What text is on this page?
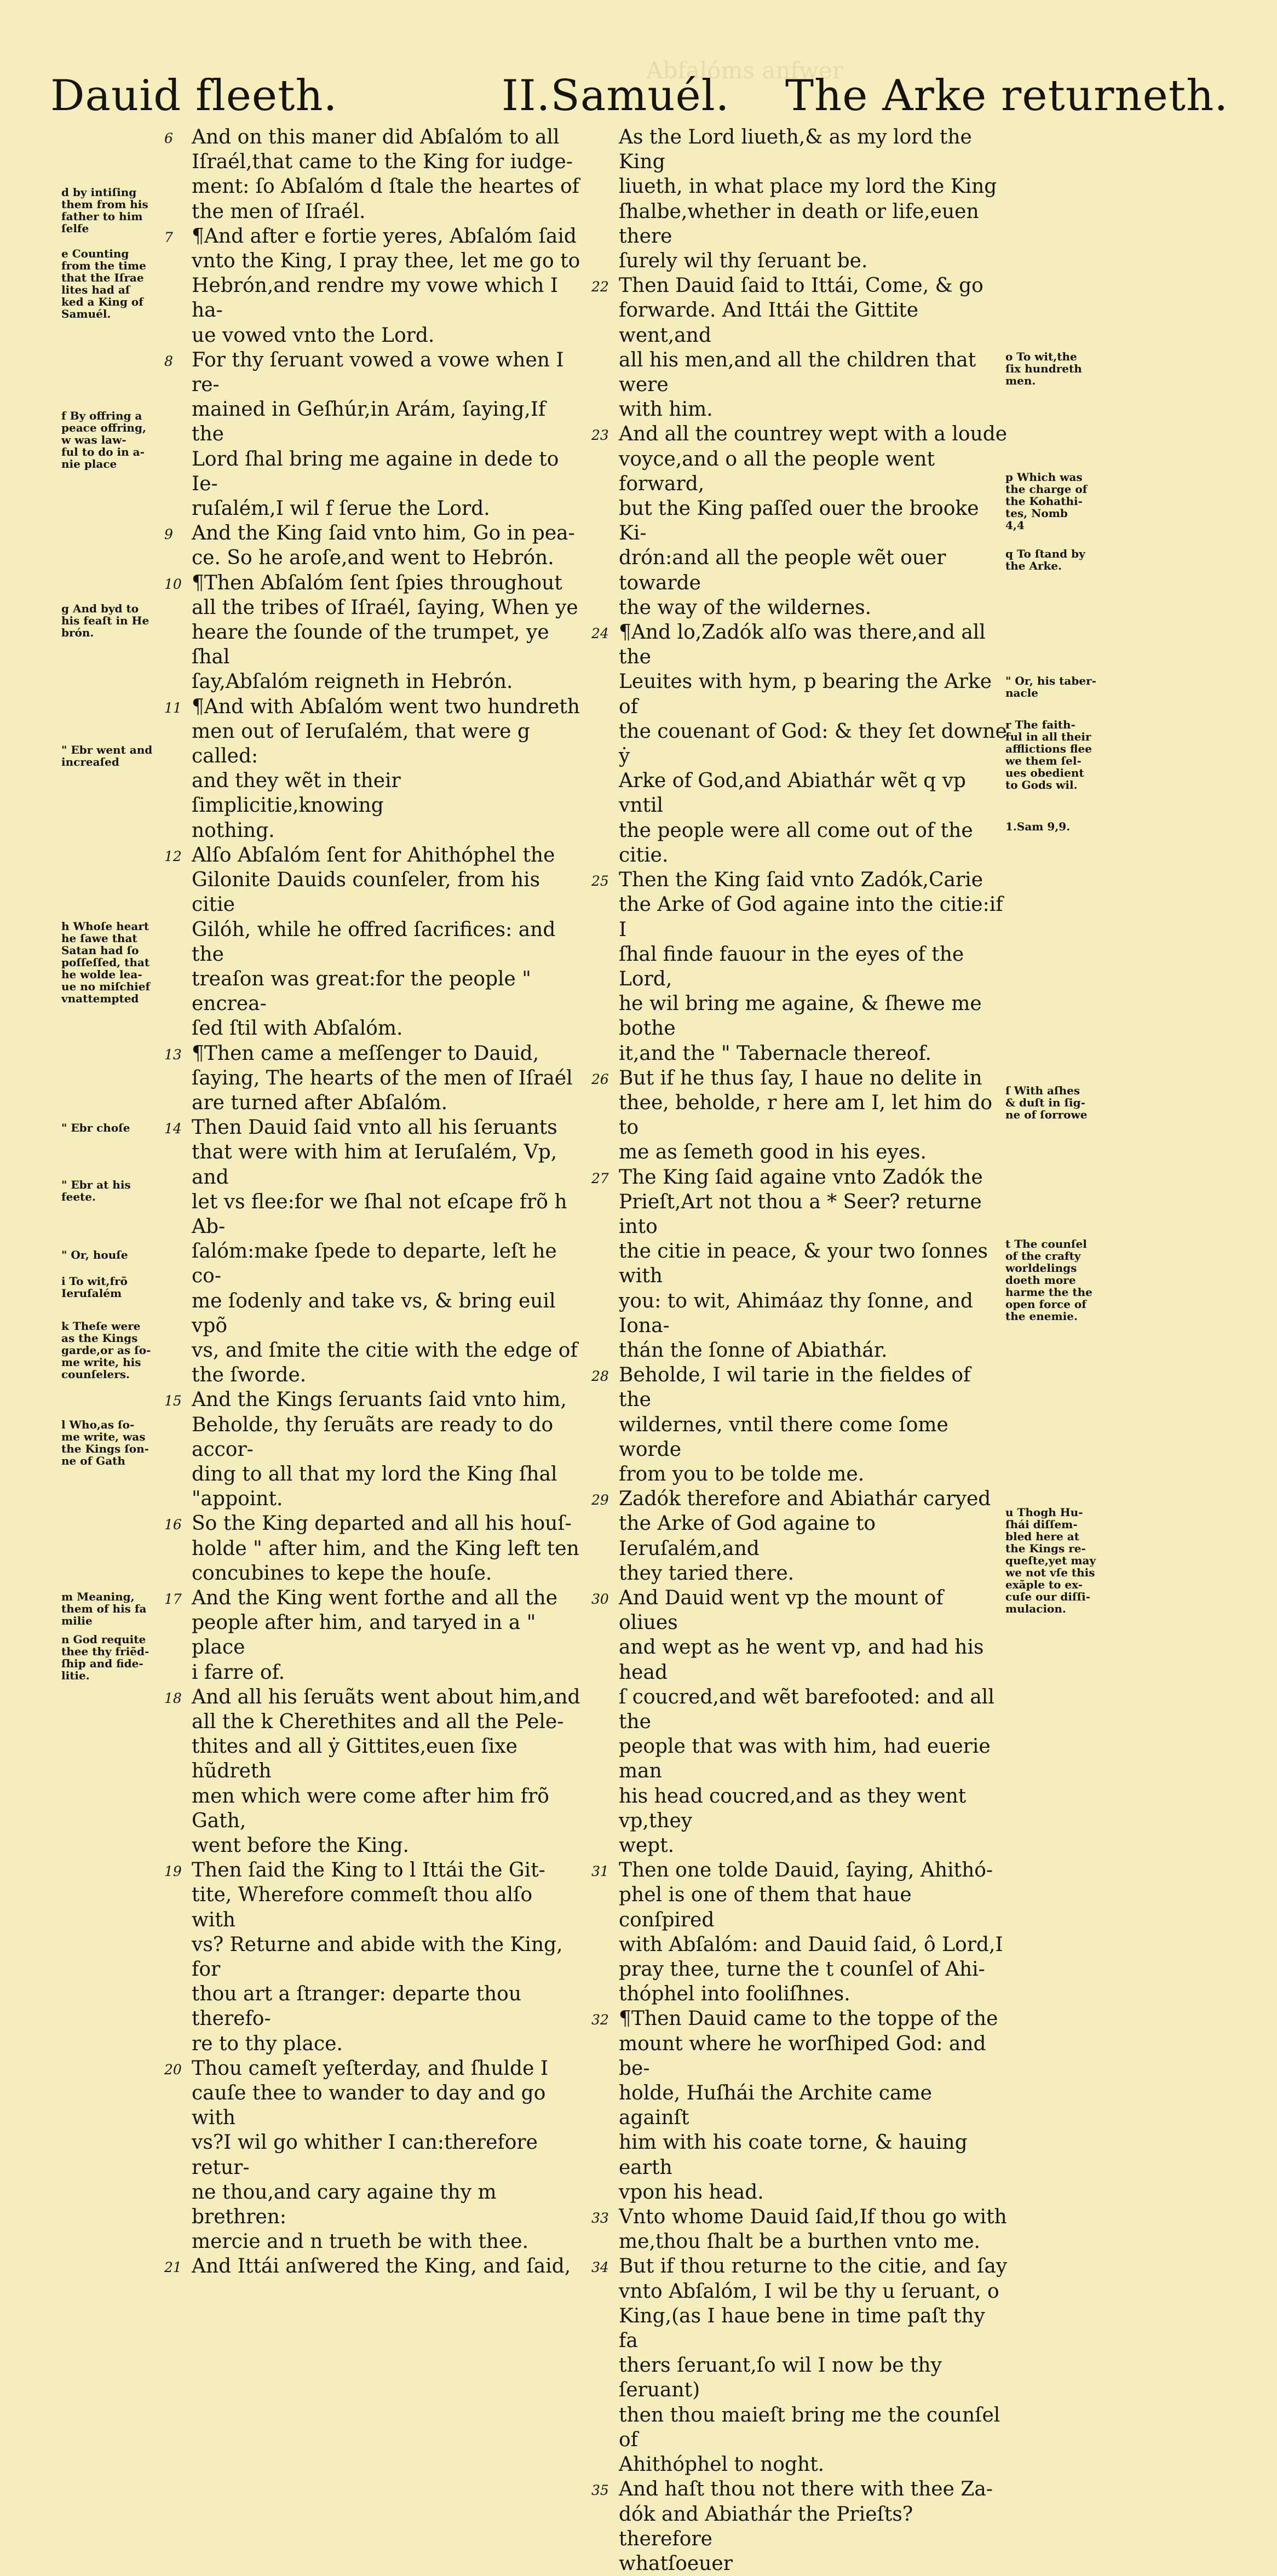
Abfalóms anfwer
Dauid fleeth.	II.Samuél. The Arke returneth.
6 And on this maner did Abſalóm to all
Iſraél,that came to the King for iudge-
ment: ſo Abſalóm d ſtale the heartes of
the men of Iſraél.
7 ¶And after e fortie yeres, Abſalóm ſaid
vnto the King, I pray thee, let me go to
Hebrón,and rendre my vowe which I ha-
ue vowed vnto the Lord.
8 For thy ſeruant vowed a vowe when I re-
mained in Geſhúr,in Arám, ſaying,If the
Lord ſhal bring me againe in dede to Ie-
ruſalém,I wil f ſerue the Lord.
9 And the King ſaid vnto him, Go in pea-
ce. So he aroſe,and went to Hebrón.
10 ¶Then Abſalóm ſent ſpies throughout
all the tribes of Iſraél, ſaying, When ye
heare the ſounde of the trumpet, ye ſhal
ſay,Abſalóm reigneth in Hebrón.
11 ¶And with Abſalóm went two hundreth
men out of Ieruſalém, that were g called:
and they wẽt in their ſimplicitie,knowing
nothing.
12 Alſo Abſalóm ſent for Ahithóphel the
Gilonite Dauids counſeler, from his citie
Gilóh, while he offred ſacrifices: and the
treaſon was great:for the people " encrea-
ſed ſtil with Abſalóm.
13 ¶Then came a meſſenger to Dauid,
ſaying, The hearts of the men of Iſraél
are turned after Abſalóm.
14 Then Dauid ſaid vnto all his ſeruants
that were with him at Ieruſalém, Vp, and
let vs flee:for we ſhal not eſcape frõ h Ab-
ſalóm:make ſpede to departe, leſt he co-
me ſodenly and take vs, & bring euil vpõ
vs, and ſmite the citie with the edge of
the ſworde.
15 And the Kings ſeruants ſaid vnto him,
Beholde, thy ſeruãts are ready to do accor-
ding to all that my lord the King ſhal
"appoint.
16 So the King departed and all his houſ-
holde " after him, and the King left ten
concubines to kepe the houſe.
17 And the King went forthe and all the
people after him, and taryed in a " place
i farre of.
18 And all his ſeruãts went about him,and
all the k Cherethites and all the Pele-
thites and all ẏ Gittites,euen ſixe hũdreth
men which were come after him frõ Gath,
went before the King.
19 Then ſaid the King to l Ittái the Git-
tite, Wherefore commeſt thou alſo with
vs? Returne and abide with the King, for
thou art a ſtranger: departe thou therefo-
re to thy place.
20 Thou cameſt yeſterday, and ſhulde I
cauſe thee to wander to day and go with
vs?I wil go whither I can:therefore retur-
ne thou,and cary againe thy m brethren:
mercie and n trueth be with thee.
21 And Ittái anſwered the King, and ſaid,
As the Lord liueth,& as my lord the King
liueth, in what place my lord the King
ſhalbe,whether in death or life,euen there
ſurely wil thy ſeruant be.
22 Then Dauid ſaid to Ittái, Come, & go
forwarde. And Ittái the Gittite went,and
all his men,and all the children that were
with him.
23 And all the countrey wept with a loude
voyce,and o all the people went forward,
but the King paſſed ouer the brooke Ki-
drón:and all the people wẽt ouer towarde
the way of the wildernes.
24 ¶And lo,Zadók alſo was there,and all the
Leuites with hym, p bearing the Arke of
the couenant of God: & they ſet downe ẏ
Arke of God,and Abiathár wẽt q vp vntil
the people were all come out of the citie.
25 Then the King ſaid vnto Zadók,Carie
the Arke of God againe into the citie:if I
ſhal finde fauour in the eyes of the Lord,
he wil bring me againe, & ſhewe me bothe
it,and the " Tabernacle thereof.
26 But if he thus ſay, I haue no delite in
thee, beholde, r here am I, let him do to
me as ſemeth good in his eyes.
27 The King ſaid againe vnto Zadók the
Prieſt,Art not thou a * Seer? returne into
the citie in peace, & your two ſonnes with
you: to wit, Ahimáaz thy ſonne, and Iona-
thán the ſonne of Abiathár.
28 Beholde, I wil tarie in the fieldes of the
wildernes, vntil there come ſome worde
from you to be tolde me.
29 Zadók therefore and Abiathár caryed
the Arke of God againe to Ieruſalém,and
they taried there.
30 And Dauid went vp the mount of oliues
and wept as he went vp, and had his head
ſ coucred,and wẽt barefooted: and all the
people that was with him, had euerie man
his head coucred,and as they went vp,they
wept.
31 Then one tolde Dauid, ſaying, Ahithó-
phel is one of them that haue conſpired
with Abſalóm: and Dauid ſaid, ô Lord,I
pray thee, turne the t counſel of Ahi-
thóphel into fooliſhnes.
32 ¶Then Dauid came to the toppe of the
mount where he worſhiped God: and be-
holde, Huſhái the Archite came againſt
him with his coate torne, & hauing earth
vpon his head.
33 Vnto whome Dauid ſaid,If thou go with
me,thou ſhalt be a burthen vnto me.
34 But if thou returne to the citie, and ſay
vnto Abſalóm, I wil be thy u ſeruant, o
King,(as I haue bene in time paſt thy fa
thers ſeruant,ſo wil I now be thy ſeruant)
then thou maieſt bring me the counſel of
Ahithóphel to noght.
35 And haſt thou not there with thee Za-
dók and Abiathár the Prieſts? therefore
whatſoeuer
d by intiſing
them from his
father to him
ſelfe
e Counting
from the time
that the Iſrae
lites had aſ
ked a King of
Samuél.
f By offring a
peace offring,
w was law-
ful to do in a-
nie place
g And byd to
his feaſt in He
brón.
" Ebr went and
increaſed
h Whoſe heart
he ſawe that
Satan had ſo
poſſeſſed, that
he wolde lea-
ue no miſchief
vnattempted
" Ebr choſe
" Ebr at his
feete.
" Or, houſe
i To wit,frõ
Ieruſalém
k Theſe were
as the Kings
garde,or as ſo-
me write, his
counſelers.
l Who,as ſo-
me write, was
the Kings ſon-
ne of Gath
m Meaning,
them of his fa
milie
n God requite
thee thy friẽd-
ſhip and fide-
litie.
o To wit,the
ſix hundreth
men.
p Which was
the charge of
the Kohathi-
tes, Nomb
4,4
q To ſtand by
the Arke.
" Or, his taber-
nacle
r The faith-
ful in all their
afflictions flee
we them ſel-
ues obedient
to Gods wil.
1.Sam 9,9.
ſ With aſhes
& duſt in ſig-
ne of ſorrowe
t The counſel
of the crafty
worldelings
doeth more
harme the the
open force of
the enemie.
u Thogh Hu-
ſhái diſſem-
bled here at
the Kings re-
queſte,yet may
we not vſe this
exãple to ex-
cuſe our diſſi-
mulacion.
